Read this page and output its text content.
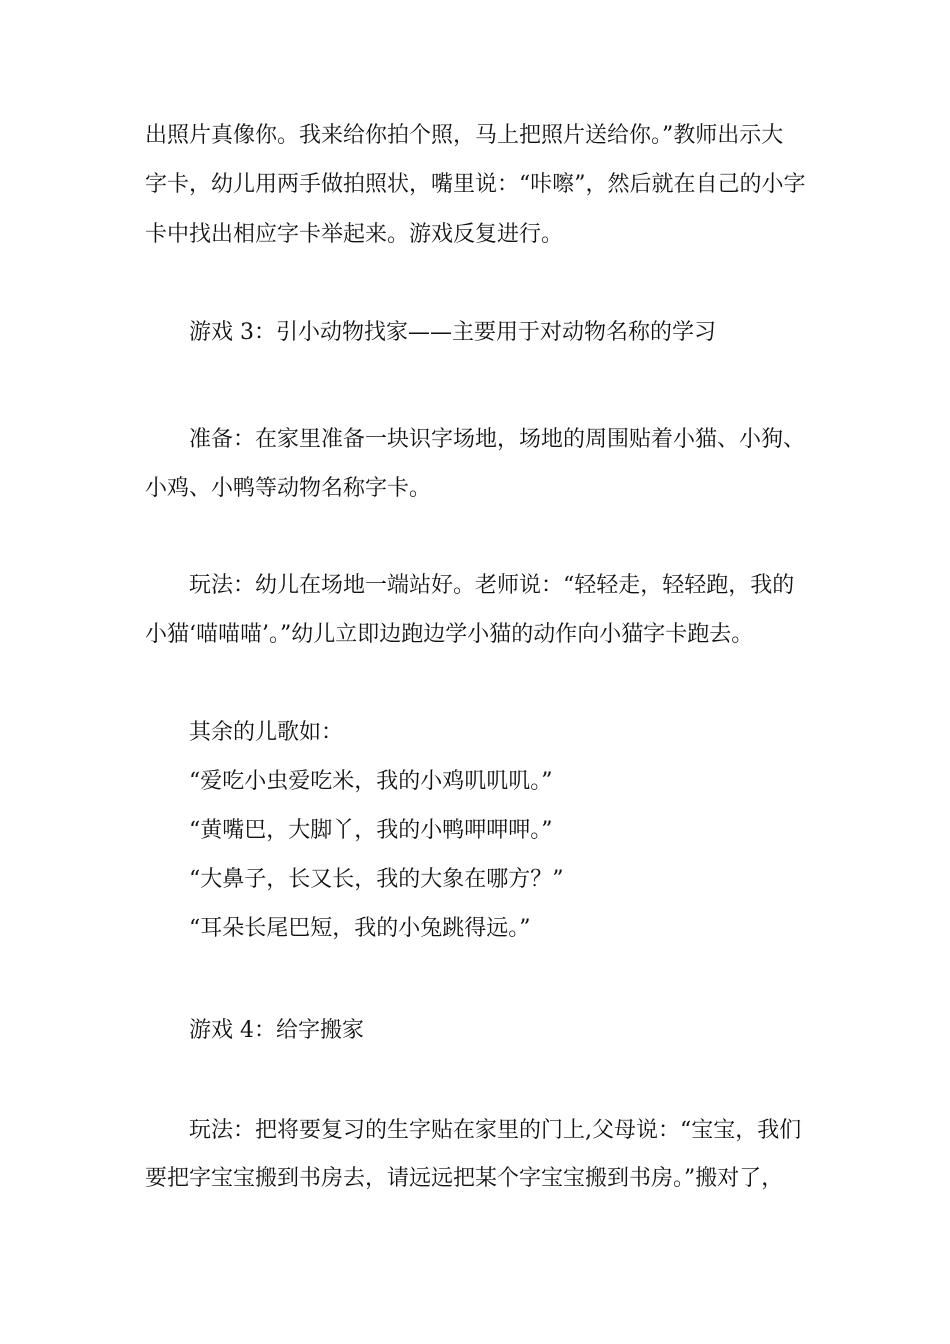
出照片真像你。我来给你拍个照，马上把照片送给你。”教师出示大
字卡，幼儿用两手做拍照状，嘴里说：“咔嚓”，然后就在自己的小字
卡中找出相应字卡举起来。游戏反复进行。
游戏 3：引小动物找家——主要用于对动物名称的学习
准备：在家里准备一块识字场地，场地的周围贴着小猫、小狗、
小鸡、小鸭等动物名称字卡。
玩法：幼儿在场地一端站好。老师说：“轻轻走，轻轻跑，我的
小猫‘喵喵喵’。”幼儿立即边跑边学小猫的动作向小猫字卡跑去。
其余的儿歌如：
“爱吃小虫爱吃米，我的小鸡叽叽叽。”
“黄嘴巴，大脚丫，我的小鸭呷呷呷。”
“大鼻子，长又长，我的大象在哪方？”
“耳朵长尾巴短，我的小兔跳得远。”
游戏 4：给字搬家
玩法：把将要复习的生字贴在家里的门上,父母说：“宝宝，我们
要把字宝宝搬到书房去，请远远把某个字宝宝搬到书房。”搬对了，
